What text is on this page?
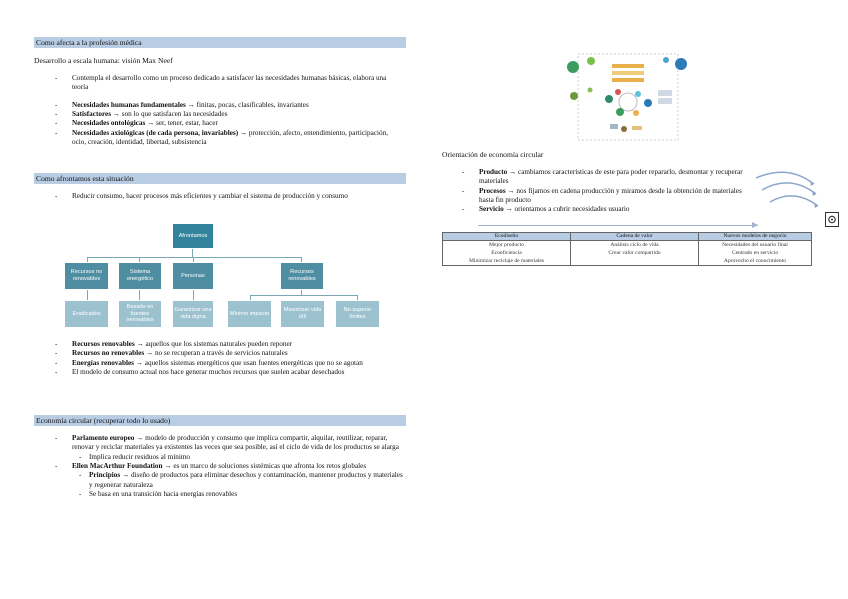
Como afecta a la profesión médica
Desarrollo a escala humana: visión Max Neef
- Contempla el desarrollo como un proceso dedicado a satisfacer las necesidades humanas básicas, elabora una teoría
- Necesidades humanas fundamentales → finitas, pocas, clasificables, invariantes
- Satisfactores → son lo que satisfacen las necesidades
- Necesidades ontológicas → ser, tener, estar, hacer
- Necesidades axiológicas (de cada persona, invariables) → protección, afecto, entendimiento, participación, ocio, creación, identidad, libertad, subsistencia
Como afrontamos esta situación
- Reducir consumo, hacer procesos más eficientes y cambiar el sistema de producción y consumo
Afrontamos
Recursos no renovables
Sistema energético
Personas
Recursos renovables
Eradicados
Basado en fuentes renovables
Garantizar una vida digna
Mínimo impacto
Maximizar vida útil
No superar límites
- Recursos renovables → aquellos que los sistemas naturales pueden reponer
- Recursos no renovables → no se recuperan a través de servicios naturales
- Energías renovables → aquellos sistemas energéticos que usan fuentes energéticas que no se agotan
- El modelo de consumo actual nos hace generar muchos recursos que suelen acabar desechados
Economía circular (recuperar todo lo usado)
- Parlamento europeo → modelo de producción y consumo que implica compartir, alquilar, reutilizar, reparar, renovar y reciclar materiales ya existentes las veces que sea posible, así el ciclo de vida de los productos se alarga
- Implica reducir residuos al mínimo
- Ellen MacArthur Foundation → es un marco de soluciones sistémicas que afronta los retos globales
- Principios → diseño de productos para eliminar desechos y contaminación, mantener productos y materiales y regenerar naturaleza
- Se basa en una transición hacia energías renovables
Orientación de economía circular
- Producto → cambiamos características de este para poder repararlo, desmontar y recuperar materiales
- Procesos → nos fijamos en cadena producción y miramos desde la obtención de materiales hasta fin producto
- Servicio → orientamos a cubrir necesidades usuario
Ecodiseño	Cadena de valor	Nuevos modelos de negocio
Mejor producto	Análisis ciclo de vida	Necesidades del usuario final
Ecoeficiencia	Crear valor compartido	Centrado en servicio
Minimizar reciclaje de materiales		Aprovecho el conocimiento
